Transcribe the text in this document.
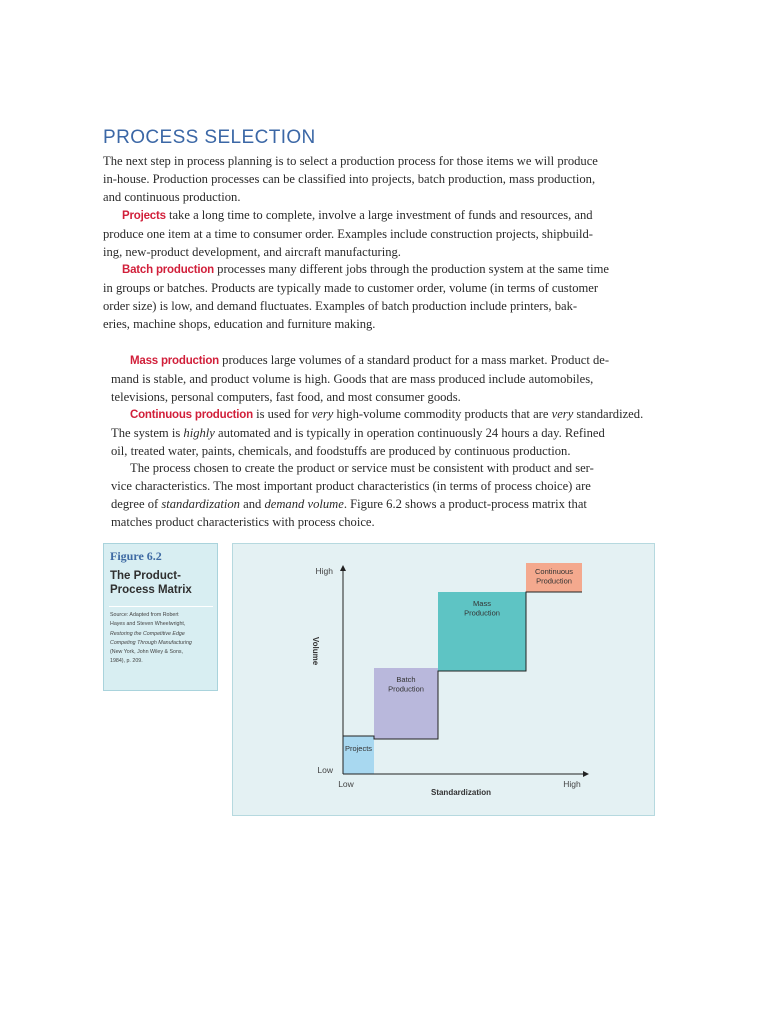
PROCESS SELECTION
The next step in process planning is to select a production process for those items we will produce
in-house. Production processes can be classified into projects, batch production, mass production,
and continuous production.
Projects take a long time to complete, involve a large investment of funds and resources, and
produce one item at a time to consumer order. Examples include construction projects, shipbuild-
ing, new-product development, and aircraft manufacturing.
Batch production processes many different jobs through the production system at the same time
in groups or batches. Products are typically made to customer order, volume (in terms of customer
order size) is low, and demand fluctuates. Examples of batch production include printers, bak-
eries, machine shops, education and furniture making.
Mass production produces large volumes of a standard product for a mass market. Product de-
mand is stable, and product volume is high. Goods that are mass produced include automobiles,
televisions, personal computers, fast food, and most consumer goods.
Continuous production is used for very high-volume commodity products that are very standardized.
The system is highly automated and is typically in operation continuously 24 hours a day. Refined
oil, treated water, paints, chemicals, and foodstuffs are produced by continuous production.
The process chosen to create the product or service must be consistent with product and ser-
vice characteristics. The most important product characteristics (in terms of process choice) are
degree of standardization and demand volume. Figure 6.2 shows a product-process matrix that
matches product characteristics with process choice.
Figure 6.2
The Product-
Process Matrix
Source: Adapted from Robert
Hayes and Steven Wheelwright,
Restoring the Competitive Edge
Competing Through Manufacturing
(New York, John Wiley & Sons,
1984), p. 209.
Projects
Batch
Production
Mass
Production
Continuous
Production
High
Low
Low	High
Standardization
Volume
